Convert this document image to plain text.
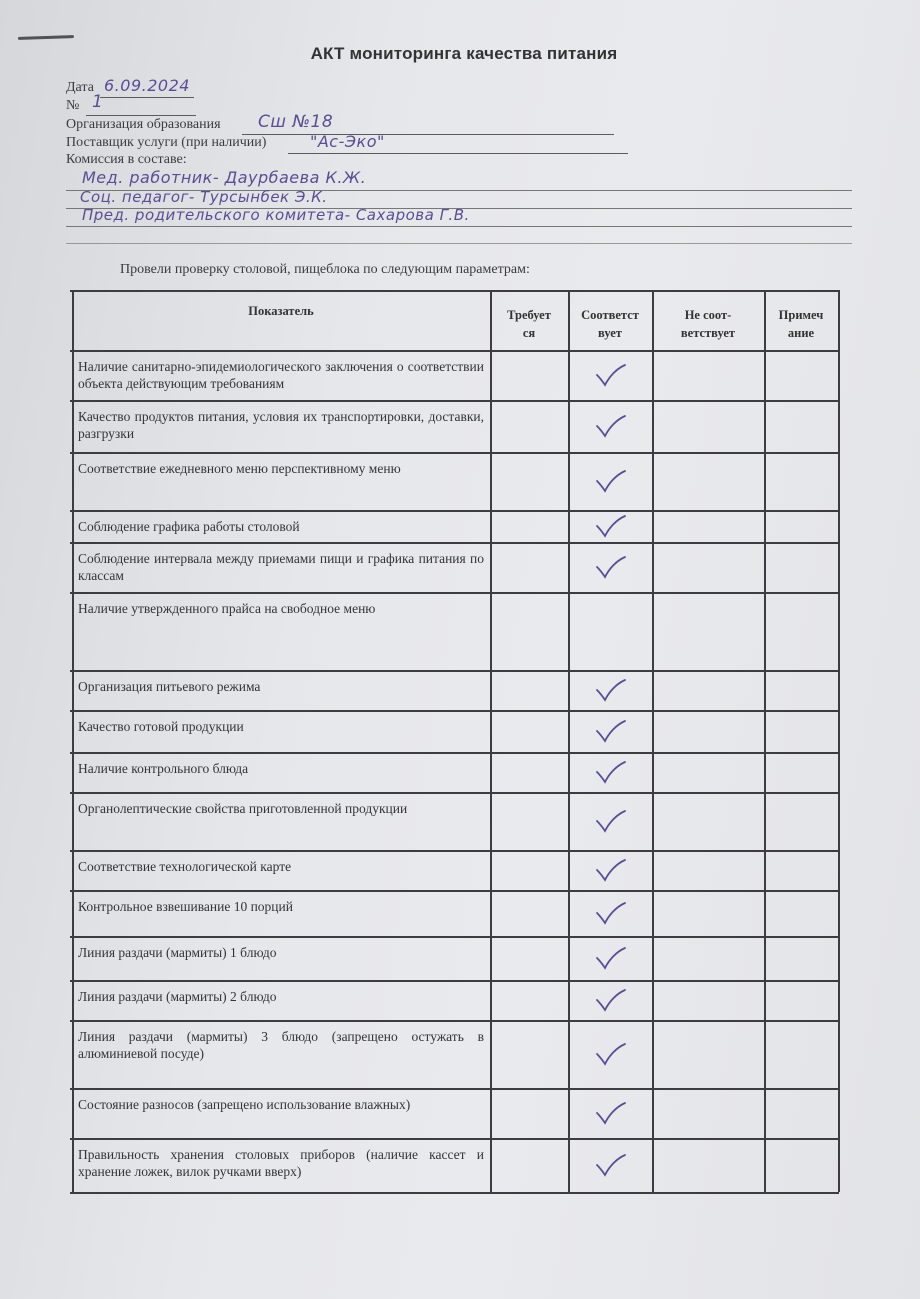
АКТ мониторинга качества питания
Дата 6.09.2024
№ 1
Организация образования Сш №18
Поставщик услуги (при наличии)	"Ас-Эко"
Комиссия в составе:
Мед. работник- Даурбаева К.Ж.
Соц. педагог- Турсынбек Э.К.
Пред. родительского комитета- Сахарова Г.В.
Провели проверку столовой, пищеблока по следующим параметрам:
Показатель	Требует
ся
Соответст
вует
Не соот-
ветствует
Примеч
ание
Наличие санитарно-эпидемиологического заключения о соответствии объекта действующим требованиям
Качество продуктов питания, условия их транспортировки, доставки, разгрузки
Соответствие ежедневного меню перспективному меню
Соблюдение графика работы столовой
Соблюдение интервала между приемами пищи и графика питания по классам
Наличие утвержденного прайса на свободное меню
Организация питьевого режима
Качество готовой продукции
Наличие контрольного блюда
Органолептические свойства приготовленной продукции
Соответствие технологической карте
Контрольное взвешивание 10 порций
Линия раздачи (мармиты) 1 блюдо
Линия раздачи (мармиты) 2 блюдо
Линия раздачи (мармиты) 3 блюдо (запрещено остужать в алюминиевой посуде)
Состояние разносов (запрещено использование влажных)
Правильность хранения столовых приборов (наличие кассет и хранение ложек, вилок ручками вверх)
